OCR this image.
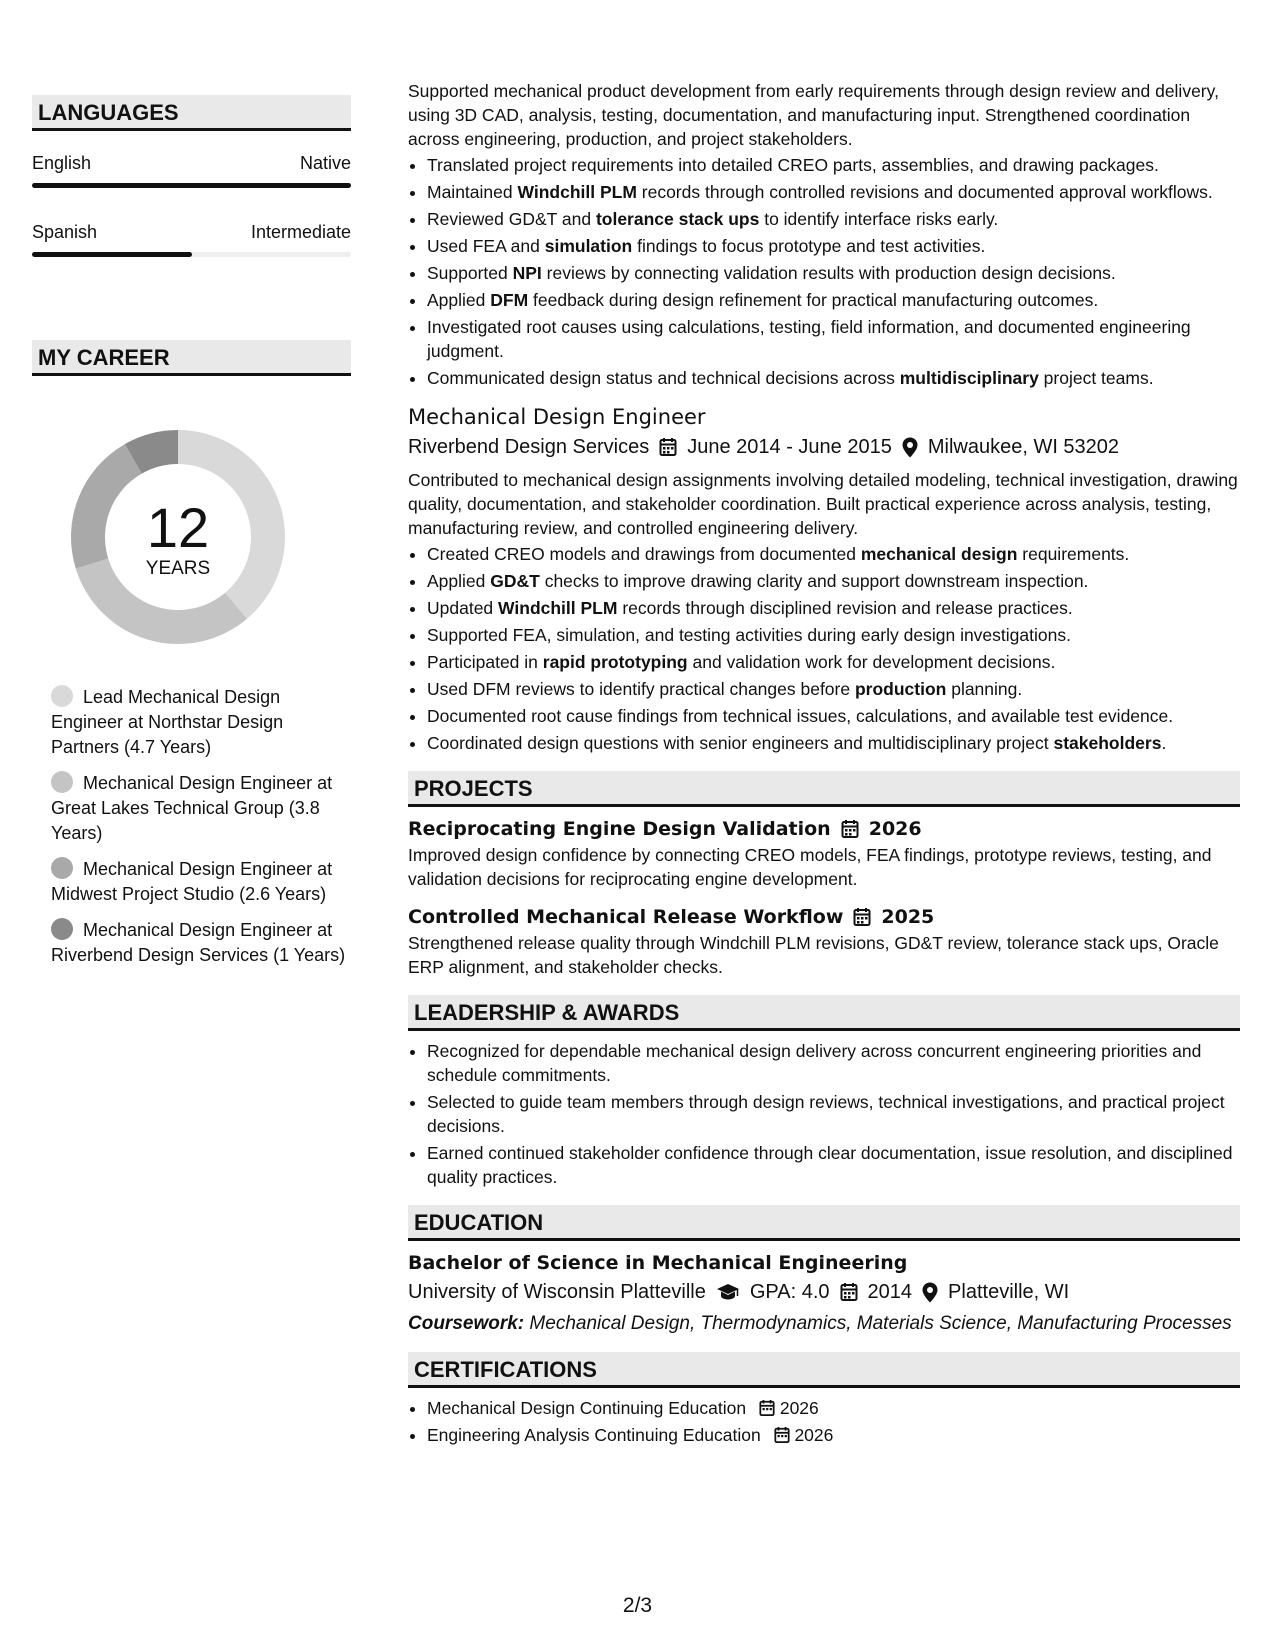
LANGUAGES
English	Native
Spanish	Intermediate
MY CAREER
12
YEARS
Lead Mechanical Design Engineer at Northstar Design Partners (4.7 Years)
Mechanical Design Engineer at Great Lakes Technical Group (3.8 Years)
Mechanical Design Engineer at Midwest Project Studio (2.6 Years)
Mechanical Design Engineer at Riverbend Design Services (1 Years)

Supported mechanical product development from early requirements through design review and delivery, using 3D CAD, analysis, testing, documentation, and manufacturing input. Strengthened coordination across engineering, production, and project stakeholders.

• Translated project requirements into detailed CREO parts, assemblies, and drawing packages.
• Maintained Windchill PLM records through controlled revisions and documented approval workflows.
• Reviewed GD&T and tolerance stack ups to identify interface risks early.
• Used FEA and simulation findings to focus prototype and test activities.
• Supported NPI reviews by connecting validation results with production design decisions.
• Applied DFM feedback during design refinement for practical manufacturing outcomes.
• Investigated root causes using calculations, testing, field information, and documented engineering judgment.
• Communicated design status and technical decisions across multidisciplinary project teams.
Mechanical Design Engineer
Riverbend Design Services June 2014 - June 2015 Milwaukee, WI 53202

Contributed to mechanical design assignments involving detailed modeling, technical investigation, drawing quality, documentation, and stakeholder coordination. Built practical experience across analysis, testing, manufacturing review, and controlled engineering delivery.

• Created CREO models and drawings from documented mechanical design requirements.
• Applied GD&T checks to improve drawing clarity and support downstream inspection.
• Updated Windchill PLM records through disciplined revision and release practices.
• Supported FEA, simulation, and testing activities during early design investigations.
• Participated in rapid prototyping and validation work for development decisions.
• Used DFM reviews to identify practical changes before production planning.
• Documented root cause findings from technical issues, calculations, and available test evidence.
• Coordinated design questions with senior engineers and multidisciplinary project stakeholders.
PROJECTS
Reciprocating Engine Design Validation 2026

Improved design confidence by connecting CREO models, FEA findings, prototype reviews, testing, and validation decisions for reciprocating engine development.

Controlled Mechanical Release Workflow 2025

Strengthened release quality through Windchill PLM revisions, GD&T review, tolerance stack ups, Oracle ERP alignment, and stakeholder checks.

LEADERSHIP & AWARDS
• Recognized for dependable mechanical design delivery across concurrent engineering priorities and schedule commitments.
• Selected to guide team members through design reviews, technical investigations, and practical project decisions.
• Earned continued stakeholder confidence through clear documentation, issue resolution, and disciplined quality practices.
EDUCATION
Bachelor of Science in Mechanical Engineering
University of Wisconsin Platteville GPA: 4.0 2014 Platteville, WI
Coursework: Mechanical Design, Thermodynamics, Materials Science, Manufacturing Processes
CERTIFICATIONS
• Mechanical Design Continuing Education 2026
• Engineering Analysis Continuing Education 2026
2/3
